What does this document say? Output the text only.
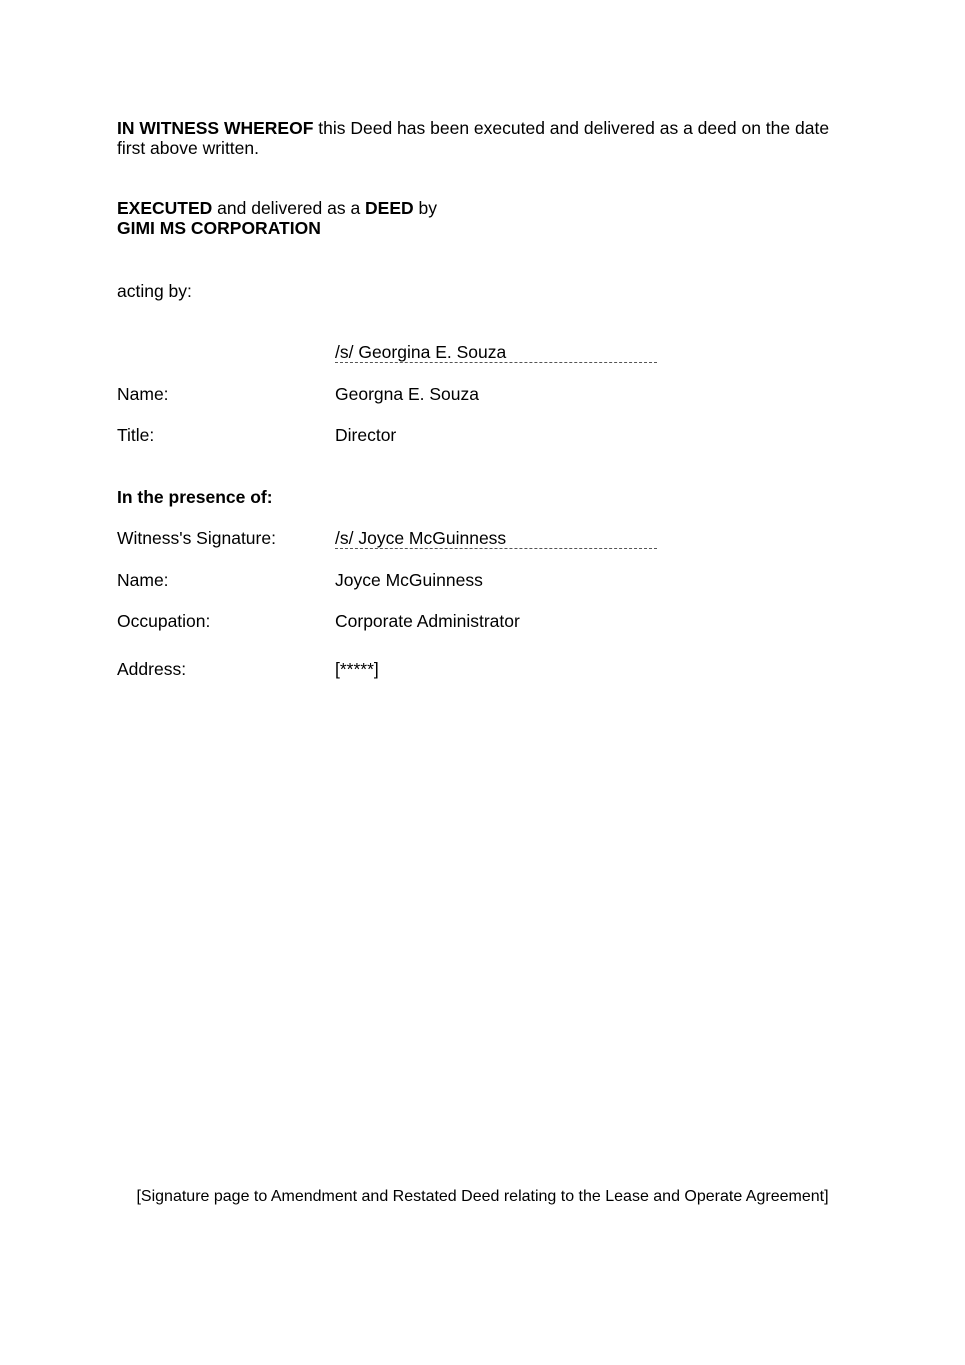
IN WITNESS WHEREOF this Deed has been executed and delivered as a deed on the date first above written.
EXECUTED and delivered as a DEED by
GIMI MS CORPORATION
acting by:
/s/ Georgina E. Souza
Name:	Georgna E. Souza
Title:	Director
In the presence of:
Witness's Signature:	/s/ Joyce McGuinness
Name:	Joyce McGuinness
Occupation:	Corporate Administrator
Address:	[*****]
[Signature page to Amendment and Restated Deed relating to the Lease and Operate Agreement]
